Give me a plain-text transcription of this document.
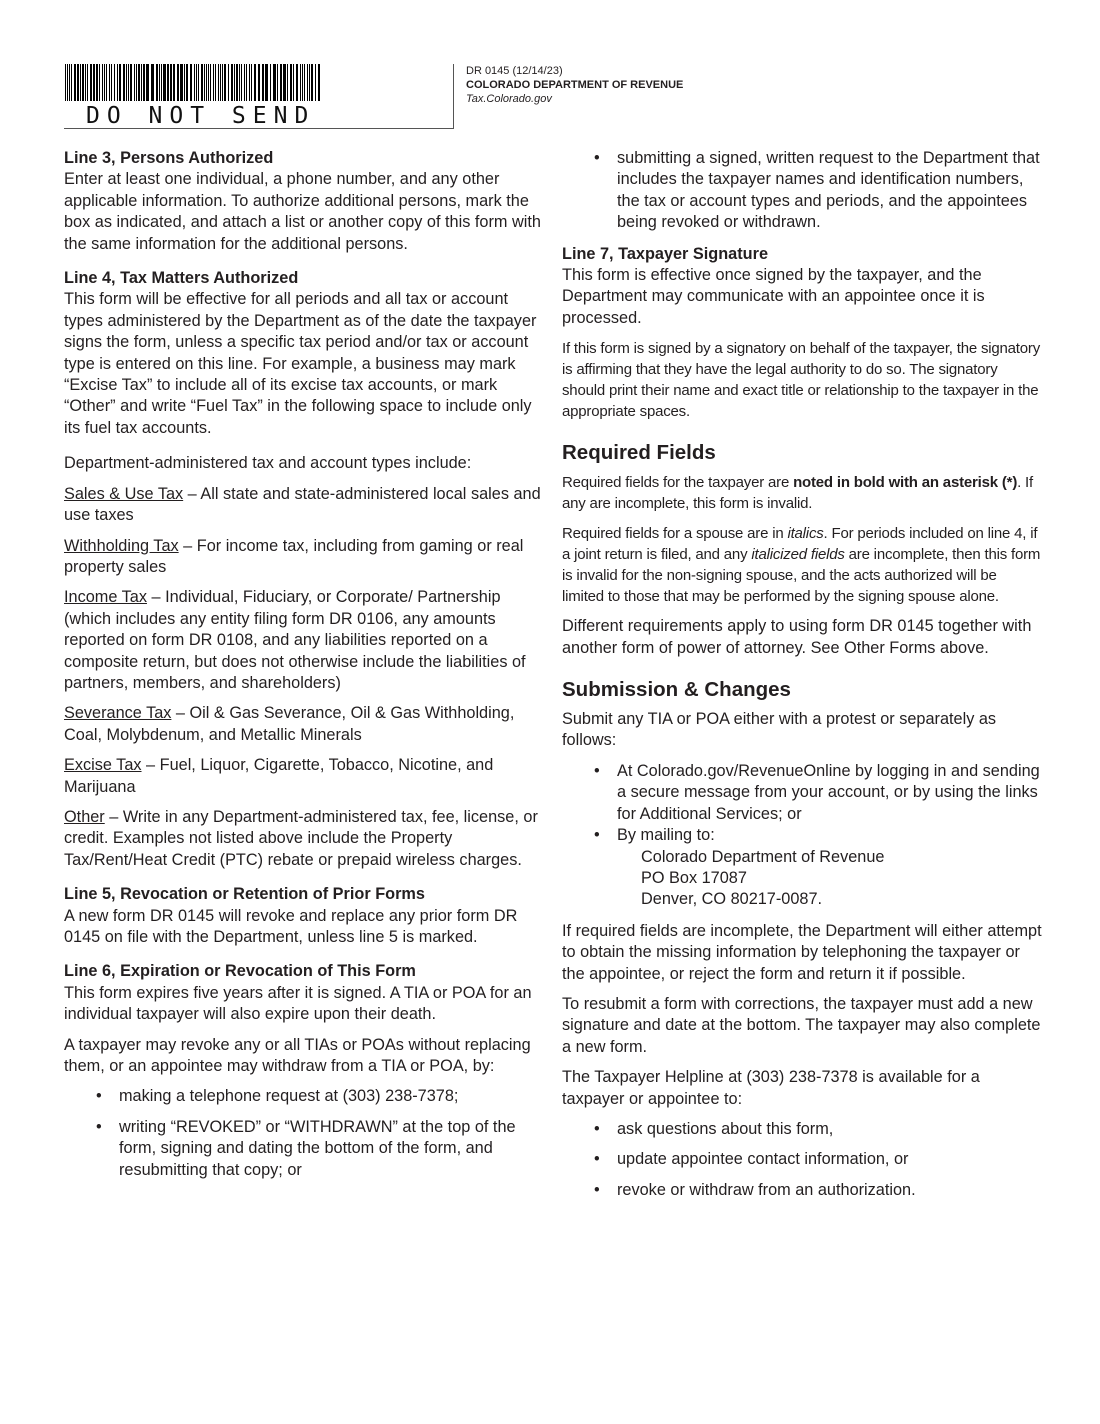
DO NOT SEND
DR 0145 (12/14/23)
COLORADO DEPARTMENT OF REVENUE
Tax.Colorado.gov
Line 3, Persons Authorized

Enter at least one individual, a phone number, and any other applicable information. To authorize additional persons, mark the box as indicated, and attach a list or another copy of this form with the same information for the additional persons.

Line 4, Tax Matters Authorized

This form will be effective for all periods and all tax or account types administered by the Department as of the date the taxpayer signs the form, unless a specific tax period and/or tax or account type is entered on this line. For example, a business may mark “Excise Tax” to include all of its excise tax accounts, or mark “Other” and write “Fuel Tax” in the following space to include only its fuel tax accounts.

Department-administered tax and account types include:

Sales & Use Tax – All state and state-administered local sales and use taxes

Withholding Tax – For income tax, including from gaming or real property sales

Income Tax – Individual, Fiduciary, or Corporate/ Partnership (which includes any entity filing form DR 0106, any amounts reported on form DR 0108, and any liabilities reported on a composite return, but does not otherwise include the liabilities of partners, members, and shareholders)

Severance Tax – Oil & Gas Severance, Oil & Gas Withholding, Coal, Molybdenum, and Metallic Minerals

Excise Tax – Fuel, Liquor, Cigarette, Tobacco, Nicotine, and Marijuana

Other – Write in any Department-administered tax, fee, license, or credit. Examples not listed above include the Property Tax/Rent/Heat Credit (PTC) rebate or prepaid wireless charges.

Line 5, Revocation or Retention of Prior Forms

A new form DR 0145 will revoke and replace any prior form DR 0145 on file with the Department, unless line 5 is marked.

Line 6, Expiration or Revocation of This Form

This form expires five years after it is signed. A TIA or POA for an individual taxpayer will also expire upon their death.

A taxpayer may revoke any or all TIAs or POAs without replacing them, or an appointee may withdraw from a TIA or POA, by:

• making a telephone request at (303) 238-7378;
• writing “REVOKED” or “WITHDRAWN” at the top of the form, signing and dating the bottom of the form, and resubmitting that copy; or
• submitting a signed, written request to the Department that includes the taxpayer names and identification numbers, the tax or account types and periods, and the appointees being revoked or withdrawn.
Line 7, Taxpayer Signature

This form is effective once signed by the taxpayer, and the Department may communicate with an appointee once it is processed.

If this form is signed by a signatory on behalf of the taxpayer, the signatory is affirming that they have the legal authority to do so. The signatory should print their name and exact title or relationship to the taxpayer in the appropriate spaces.

Required Fields

Required fields for the taxpayer are noted in bold with an asterisk (*). If any are incomplete, this form is invalid.

Required fields for a spouse are in italics. For periods included on line 4, if a joint return is filed, and any italicized fields are incomplete, then this form is invalid for the non-signing spouse, and the acts authorized will be limited to those that may be performed by the signing spouse alone.

Different requirements apply to using form DR 0145 together with another form of power of attorney. See Other Forms above.

Submission & Changes

Submit any TIA or POA either with a protest or separately as follows:

• At Colorado.gov/RevenueOnline by logging in and sending a secure message from your account, or by using the links for Additional Services; or
• By mailing to:
Colorado Department of Revenue
PO Box 17087
Denver, CO 80217-0087.

If required fields are incomplete, the Department will either attempt to obtain the missing information by telephoning the taxpayer or the appointee, or reject the form and return it if possible.

To resubmit a form with corrections, the taxpayer must add a new signature and date at the bottom. The taxpayer may also complete a new form.

The Taxpayer Helpline at (303) 238-7378 is available for a taxpayer or appointee to:

• ask questions about this form,
• update appointee contact information, or
• revoke or withdraw from an authorization.
